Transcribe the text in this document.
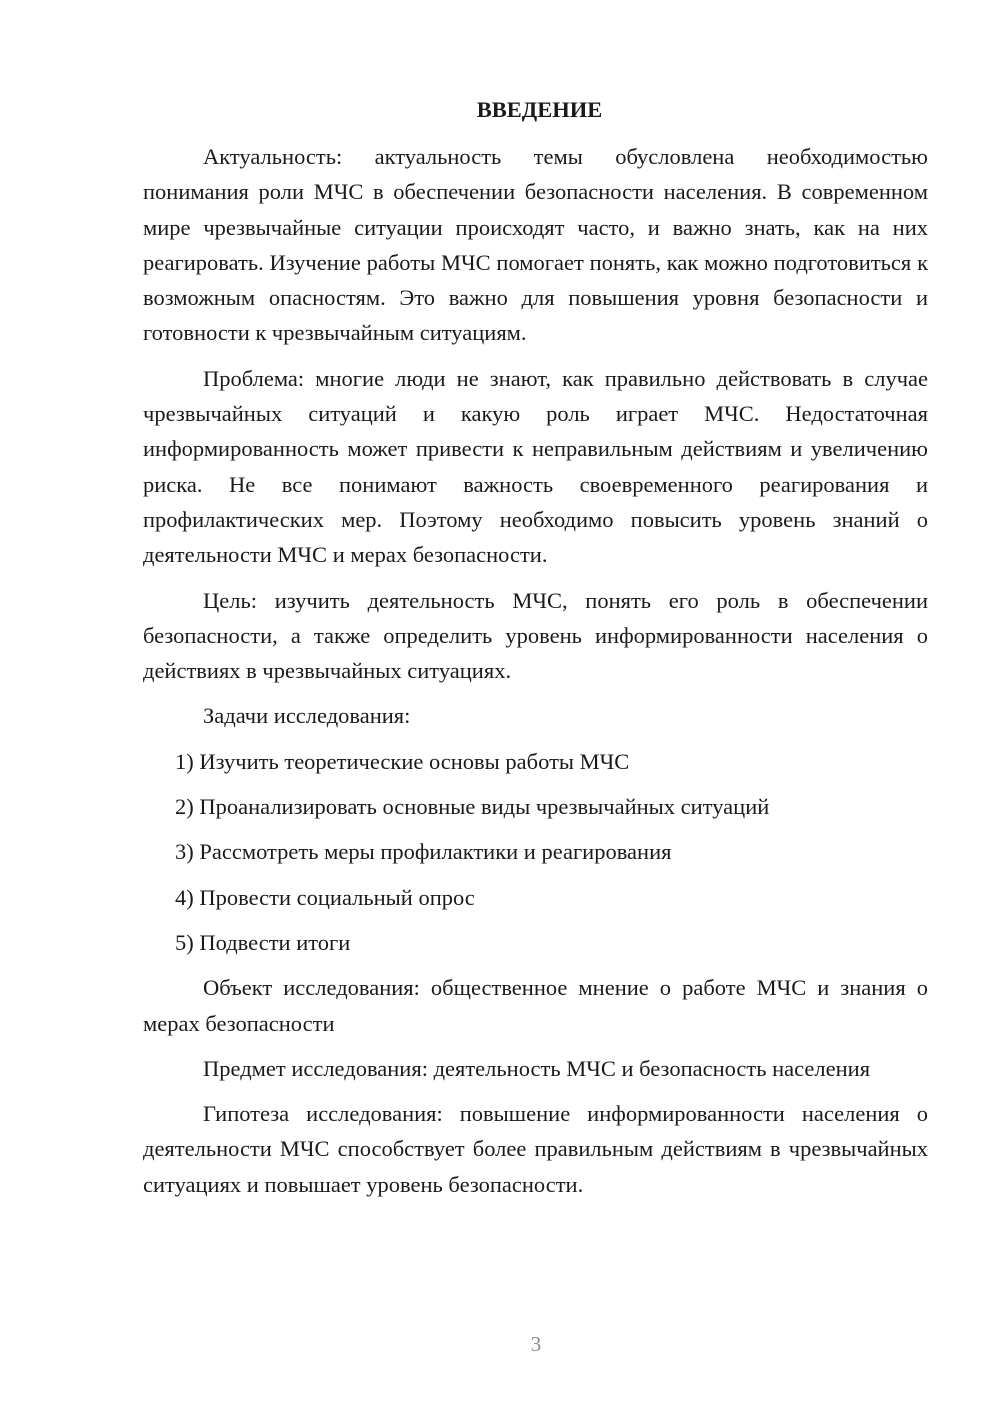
ВВЕДЕНИЕ

Актуальность: актуальность темы обусловлена необходимостью понимания роли МЧС в обеспечении безопасности населения. В современном мире чрезвычайные ситуации происходят часто, и важно знать, как на них реагировать. Изучение работы МЧС помогает понять, как можно подготовиться к возможным опасностям. Это важно для повышения уровня безопасности и готовности к чрезвычайным ситуациям.

Проблема: многие люди не знают, как правильно действовать в случае чрезвычайных ситуаций и какую роль играет МЧС. Недостаточная информированность может привести к неправильным действиям и увеличению риска. Не все понимают важность своевременного реагирования и профилактических мер. Поэтому необходимо повысить уровень знаний о деятельности МЧС и мерах безопасности.

Цель: изучить деятельность МЧС, понять его роль в обеспечении безопасности, а также определить уровень информированности населения о действиях в чрезвычайных ситуациях.

Задачи исследования:

1) Изучить теоретические основы работы МЧС
2) Проанализировать основные виды чрезвычайных ситуаций
3) Рассмотреть меры профилактики и реагирования
4) Провести социальный опрос
5) Подвести итоги

Объект исследования: общественное мнение о работе МЧС и знания о мерах безопасности

Предмет исследования: деятельность МЧС и безопасность населения

Гипотеза исследования: повышение информированности населения о деятельности МЧС способствует более правильным действиям в чрезвычайных ситуациях и повышает уровень безопасности.

3
